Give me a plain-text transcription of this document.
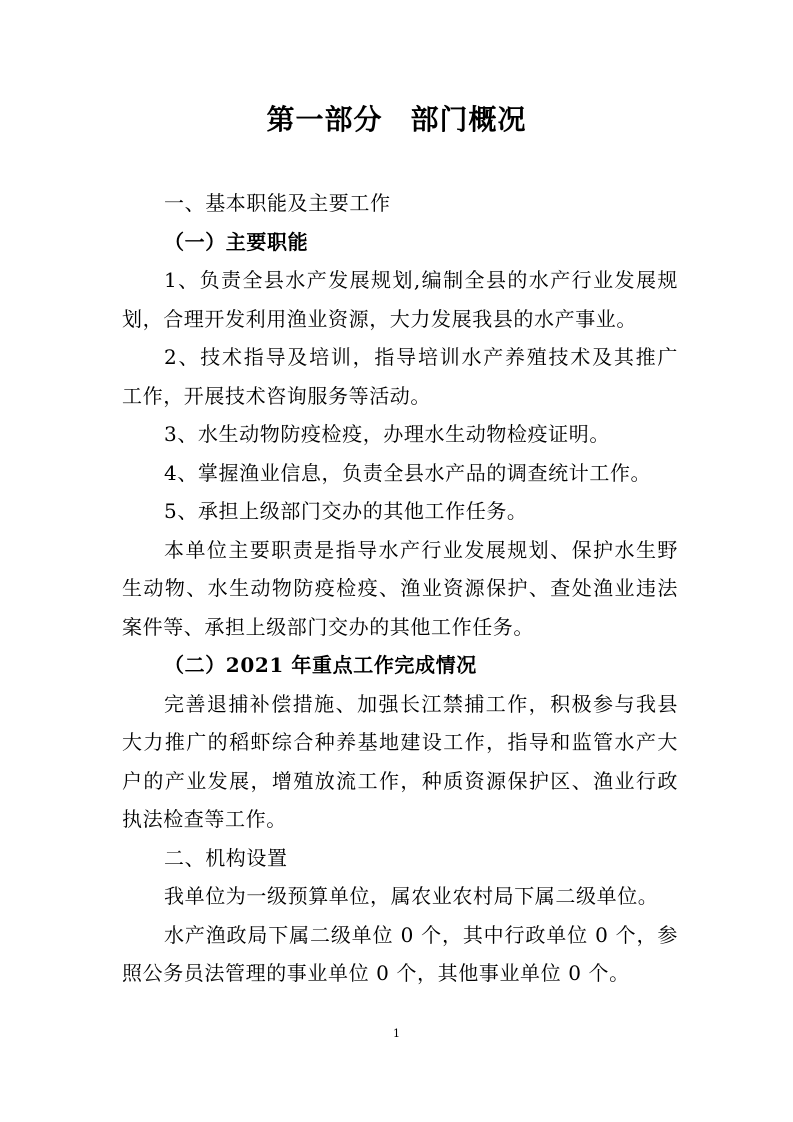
第一部分 部门概况
一、基本职能及主要工作
（一）主要职能
1、负责全县水产发展规划,编制全县的水产行业发展规
划，合理开发利用渔业资源，大力发展我县的水产事业。
2、技术指导及培训，指导培训水产养殖技术及其推广
工作，开展技术咨询服务等活动。
3、水生动物防疫检疫，办理水生动物检疫证明。
4、掌握渔业信息，负责全县水产品的调查统计工作。
5、承担上级部门交办的其他工作任务。
本单位主要职责是指导水产行业发展规划、保护水生野
生动物、水生动物防疫检疫、渔业资源保护、查处渔业违法
案件等、承担上级部门交办的其他工作任务。
（二）2021 年重点工作完成情况
完善退捕补偿措施、加强长江禁捕工作，积极参与我县
大力推广的稻虾综合种养基地建设工作，指导和监管水产大
户的产业发展，增殖放流工作，种质资源保护区、渔业行政
执法检查等工作。
二、机构设置
我单位为一级预算单位，属农业农村局下属二级单位。
水产渔政局下属二级单位 0 个，其中行政单位 0 个，参
照公务员法管理的事业单位 0 个，其他事业单位 0 个。
1
